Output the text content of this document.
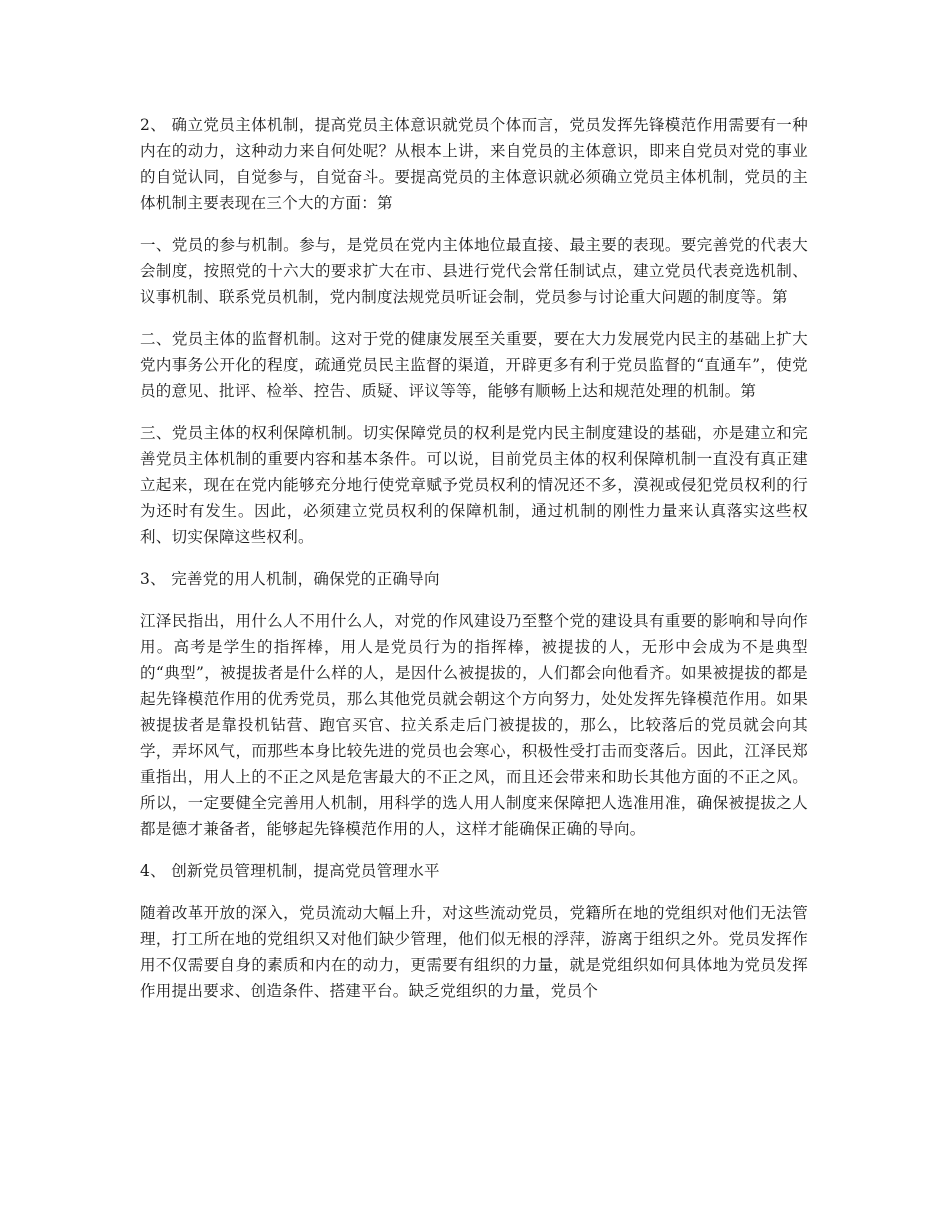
2、 确立党员主体机制，提高党员主体意识就党员个体而言，党员发挥先锋模范作用需要有一种内在的动力，这种动力来自何处呢？从根本上讲，来自党员的主体意识，即来自党员对党的事业的自觉认同，自觉参与，自觉奋斗。要提高党员的主体意识就必须确立党员主体机制，党员的主体机制主要表现在三个大的方面：第

一、党员的参与机制。参与，是党员在党内主体地位最直接、最主要的表现。要完善党的代表大会制度，按照党的十六大的要求扩大在市、县进行党代会常任制试点，建立党员代表竞选机制、议事机制、联系党员机制，党内制度法规党员听证会制，党员参与讨论重大问题的制度等。第

二、党员主体的监督机制。这对于党的健康发展至关重要，要在大力发展党内民主的基础上扩大党内事务公开化的程度，疏通党员民主监督的渠道，开辟更多有利于党员监督的“直通车”，使党员的意见、批评、检举、控告、质疑、评议等等，能够有顺畅上达和规范处理的机制。第

三、党员主体的权利保障机制。切实保障党员的权利是党内民主制度建设的基础，亦是建立和完善党员主体机制的重要内容和基本条件。可以说，目前党员主体的权利保障机制一直没有真正建立起来，现在在党内能够充分地行使党章赋予党员权利的情况还不多，漠视或侵犯党员权利的行为还时有发生。因此，必须建立党员权利的保障机制，通过机制的刚性力量来认真落实这些权利、切实保障这些权利。

3、 完善党的用人机制，确保党的正确导向

江泽民指出，用什么人不用什么人，对党的作风建设乃至整个党的建设具有重要的影响和导向作用。高考是学生的指挥棒，用人是党员行为的指挥棒，被提拔的人，无形中会成为不是典型的“典型”，被提拔者是什么样的人，是因什么被提拔的，人们都会向他看齐。如果被提拔的都是起先锋模范作用的优秀党员，那么其他党员就会朝这个方向努力，处处发挥先锋模范作用。如果被提拔者是靠投机钻营、跑官买官、拉关系走后门被提拔的，那么，比较落后的党员就会向其学，弄坏风气，而那些本身比较先进的党员也会寒心，积极性受打击而变落后。因此，江泽民郑重指出，用人上的不正之风是危害最大的不正之风，而且还会带来和助长其他方面的不正之风。所以，一定要健全完善用人机制，用科学的选人用人制度来保障把人选准用准，确保被提拔之人都是德才兼备者，能够起先锋模范作用的人，这样才能确保正确的导向。

4、 创新党员管理机制，提高党员管理水平

随着改革开放的深入，党员流动大幅上升，对这些流动党员，党籍所在地的党组织对他们无法管理，打工所在地的党组织又对他们缺少管理，他们似无根的浮萍，游离于组织之外。党员发挥作用不仅需要自身的素质和内在的动力，更需要有组织的力量，就是党组织如何具体地为党员发挥作用提出要求、创造条件、搭建平台。缺乏党组织的力量，党员个
